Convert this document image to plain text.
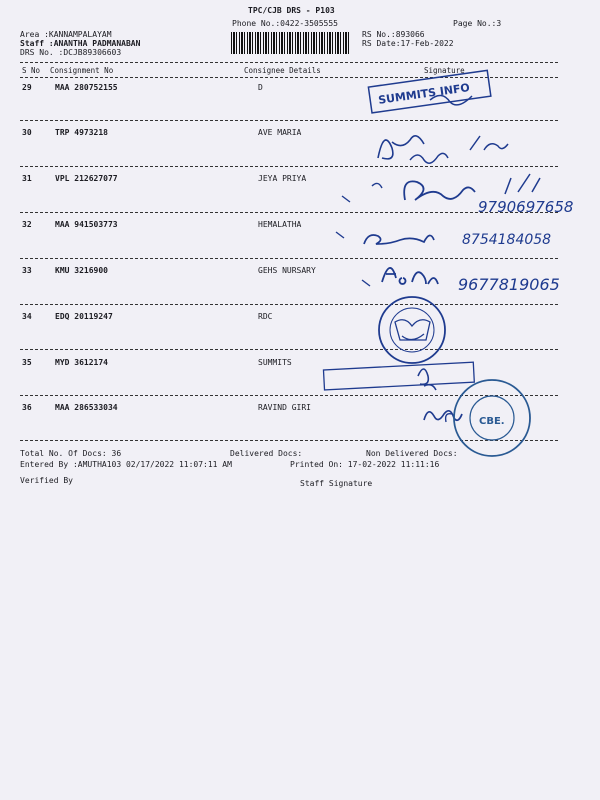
TPC/CJB DRS - P103
Phone No.:0422-3505555	Page No.:3
Area :KANNAMPALAYAM
Staff :ANANTHA PADMANABAN
DRS No. :DCJB89306603
RS No.:893066
RS Date:17-Feb-2022
S No Consignment No	Consignee Details	Signature
29	MAA 280752155	D
30	TRP 4973218	AVE MARIA
31	VPL 212627077	JEYA PRIYA
32	MAA 941503773	HEMALATHA
33	KMU 3216900	GEHS NURSARY
34	EDQ 20119247	RDC
35	MYD 3612174	SUMMITS
36	MAA 286533034	RAVIND GIRI
Total No. Of Docs: 36	Delivered Docs:	Non Delivered Docs:
Entered By :AMUTHA103 02/17/2022 11:07:11 AM	Printed On: 17-02-2022 11:11:16
Verified By	Staff Signature
SUMMITS INFO
9790697658
8754184058
9677819065
CBE.
